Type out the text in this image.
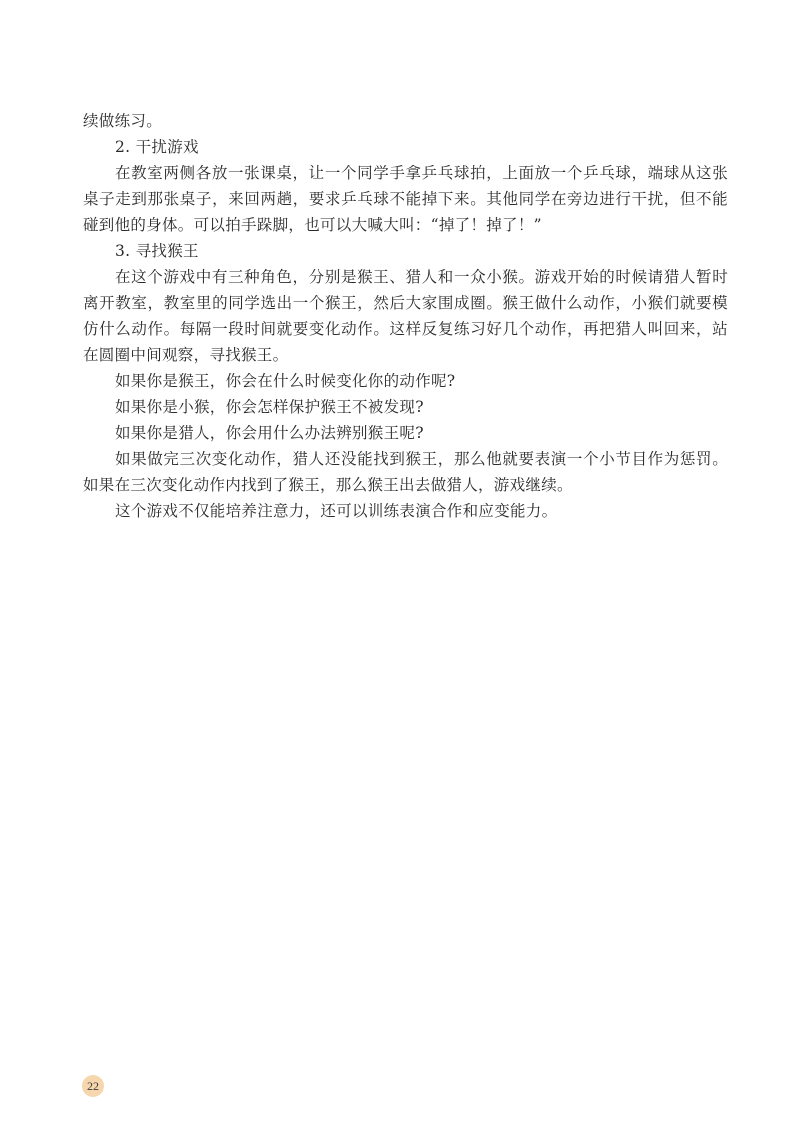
续做练习。

2. 干扰游戏

在教室两侧各放一张课桌，让一个同学手拿乒乓球拍，上面放一个乒乓球，端球从这张桌子走到那张桌子，来回两趟，要求乒乓球不能掉下来。其他同学在旁边进行干扰，但不能碰到他的身体。可以拍手跺脚，也可以大喊大叫：“掉了！掉了！”

3. 寻找猴王

在这个游戏中有三种角色，分别是猴王、猎人和一众小猴。游戏开始的时候请猎人暂时离开教室，教室里的同学选出一个猴王，然后大家围成圈。猴王做什么动作，小猴们就要模仿什么动作。每隔一段时间就要变化动作。这样反复练习好几个动作，再把猎人叫回来，站在圆圈中间观察，寻找猴王。

如果你是猴王，你会在什么时候变化你的动作呢?

如果你是小猴，你会怎样保护猴王不被发现?

如果你是猎人，你会用什么办法辨别猴王呢?

如果做完三次变化动作，猎人还没能找到猴王，那么他就要表演一个小节目作为惩罚。如果在三次变化动作内找到了猴王，那么猴王出去做猎人，游戏继续。

这个游戏不仅能培养注意力，还可以训练表演合作和应变能力。

22
